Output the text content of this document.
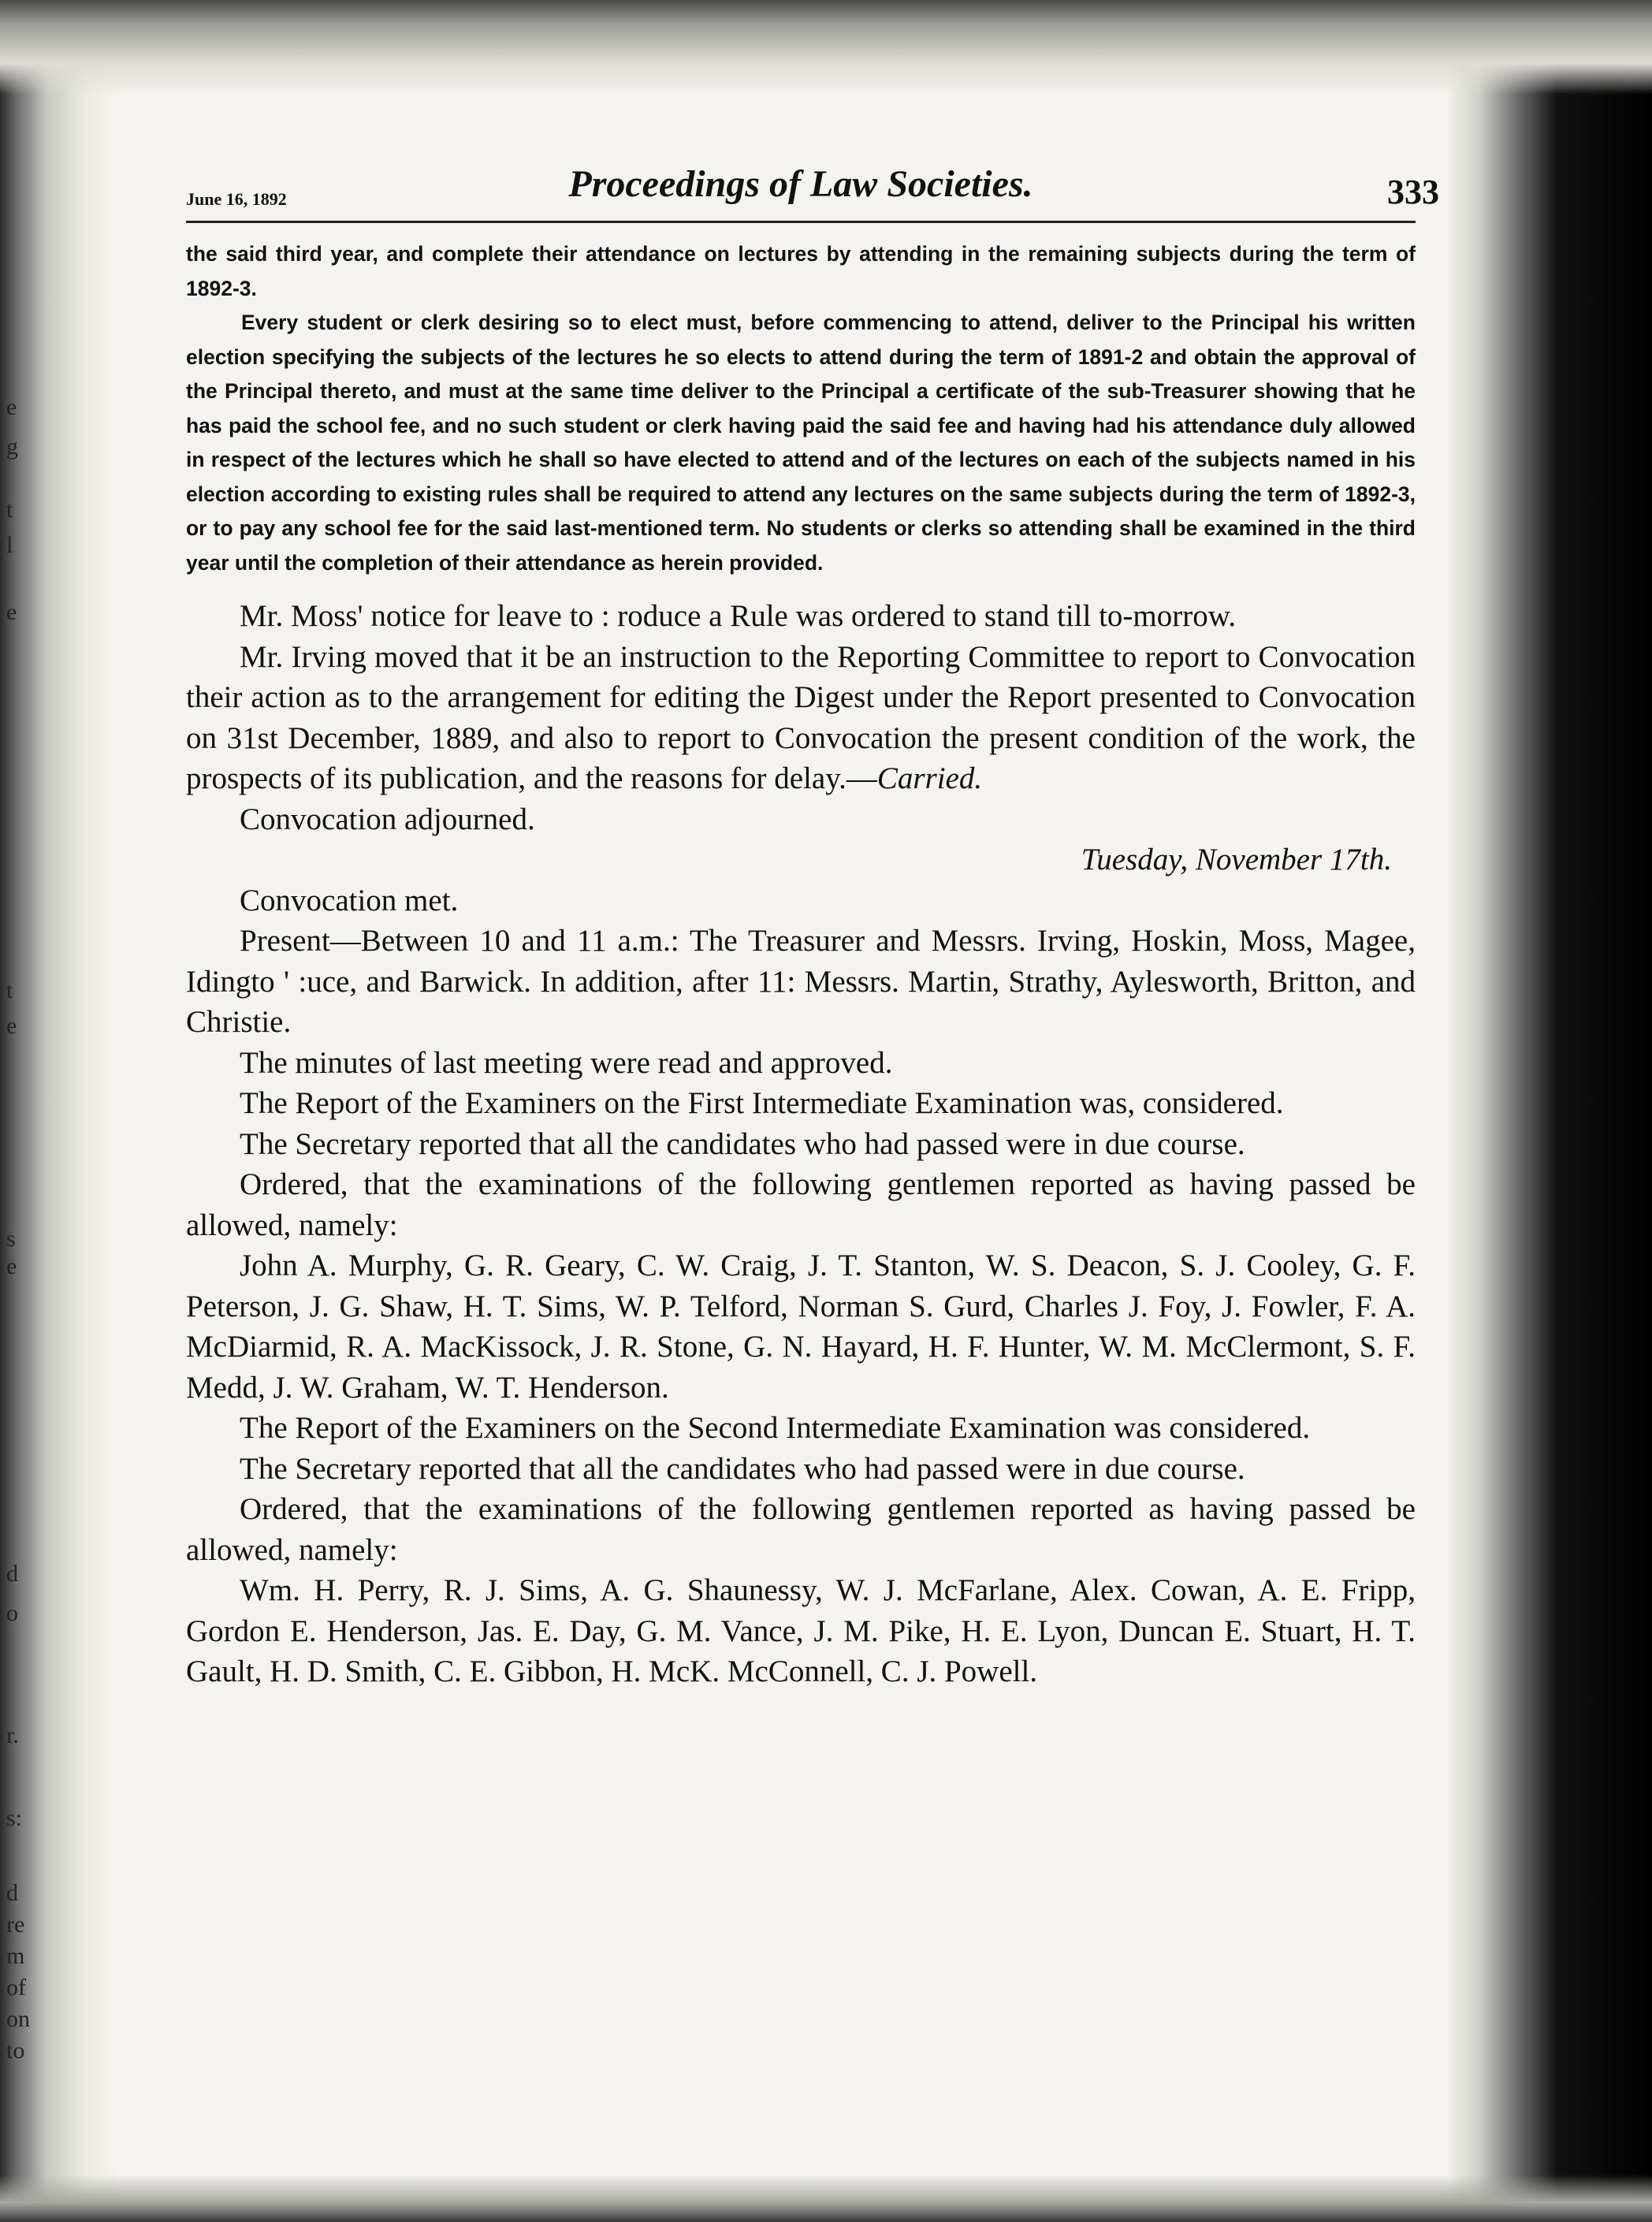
e
g
t
l
e
t
e
s
e
d
o
r.
s:
d
re
m
of
on
to
June 16, 1892	Proceedings of Law Societies.	333

the said third year, and complete their attendance on lectures by attending in the remaining subjects during the term of 1892-3.

Every student or clerk desiring so to elect must, before commencing to attend, deliver to the Principal his written election specifying the subjects of the lectures he so elects to attend during the term of 1891-2 and obtain the approval of the Principal thereto, and must at the same time deliver to the Principal a certificate of the sub-Treasurer showing that he has paid the school fee, and no such student or clerk having paid the said fee and having had his attendance duly allowed in respect of the lectures which he shall so have elected to attend and of the lectures on each of the subjects named in his election according to existing rules shall be required to attend any lectures on the same subjects during the term of 1892-3, or to pay any school fee for the said last-mentioned term. No students or clerks so attending shall be examined in the third year until the completion of their attendance as herein provided.

Mr. Moss' notice for leave to : roduce a Rule was ordered to stand till to-morrow.

Mr. Irving moved that it be an instruction to the Reporting Committee to report to Convocation their action as to the arrangement for editing the Digest under the Report presented to Convocation on 31st December, 1889, and also to report to Convocation the present condition of the work, the prospects of its publication, and the reasons for delay.—Carried.

Convocation adjourned.

Tuesday, November 17th.

Convocation met.

Present—Between 10 and 11 a.m.: The Treasurer and Messrs. Irving, Hoskin, Moss, Magee, Idingto ' :uce, and Barwick. In addition, after 11: Messrs. Martin, Strathy, Aylesworth, Britton, and Christie.

The minutes of last meeting were read and approved.

The Report of the Examiners on the First Intermediate Examination was, considered.

The Secretary reported that all the candidates who had passed were in due course.

Ordered, that the examinations of the following gentlemen reported as having passed be allowed, namely:

John A. Murphy, G. R. Geary, C. W. Craig, J. T. Stanton, W. S. Deacon, S. J. Cooley, G. F. Peterson, J. G. Shaw, H. T. Sims, W. P. Telford, Norman S. Gurd, Charles J. Foy, J. Fowler, F. A. McDiarmid, R. A. MacKissock, J. R. Stone, G. N. Hayard, H. F. Hunter, W. M. McClermont, S. F. Medd, J. W. Graham, W. T. Henderson.

The Report of the Examiners on the Second Intermediate Examination was considered.

The Secretary reported that all the candidates who had passed were in due course.

Ordered, that the examinations of the following gentlemen reported as having passed be allowed, namely:

Wm. H. Perry, R. J. Sims, A. G. Shaunessy, W. J. McFarlane, Alex. Cowan, A. E. Fripp, Gordon E. Henderson, Jas. E. Day, G. M. Vance, J. M. Pike, H. E. Lyon, Duncan E. Stuart, H. T. Gault, H. D. Smith, C. E. Gibbon, H. McK. McConnell, C. J. Powell.
